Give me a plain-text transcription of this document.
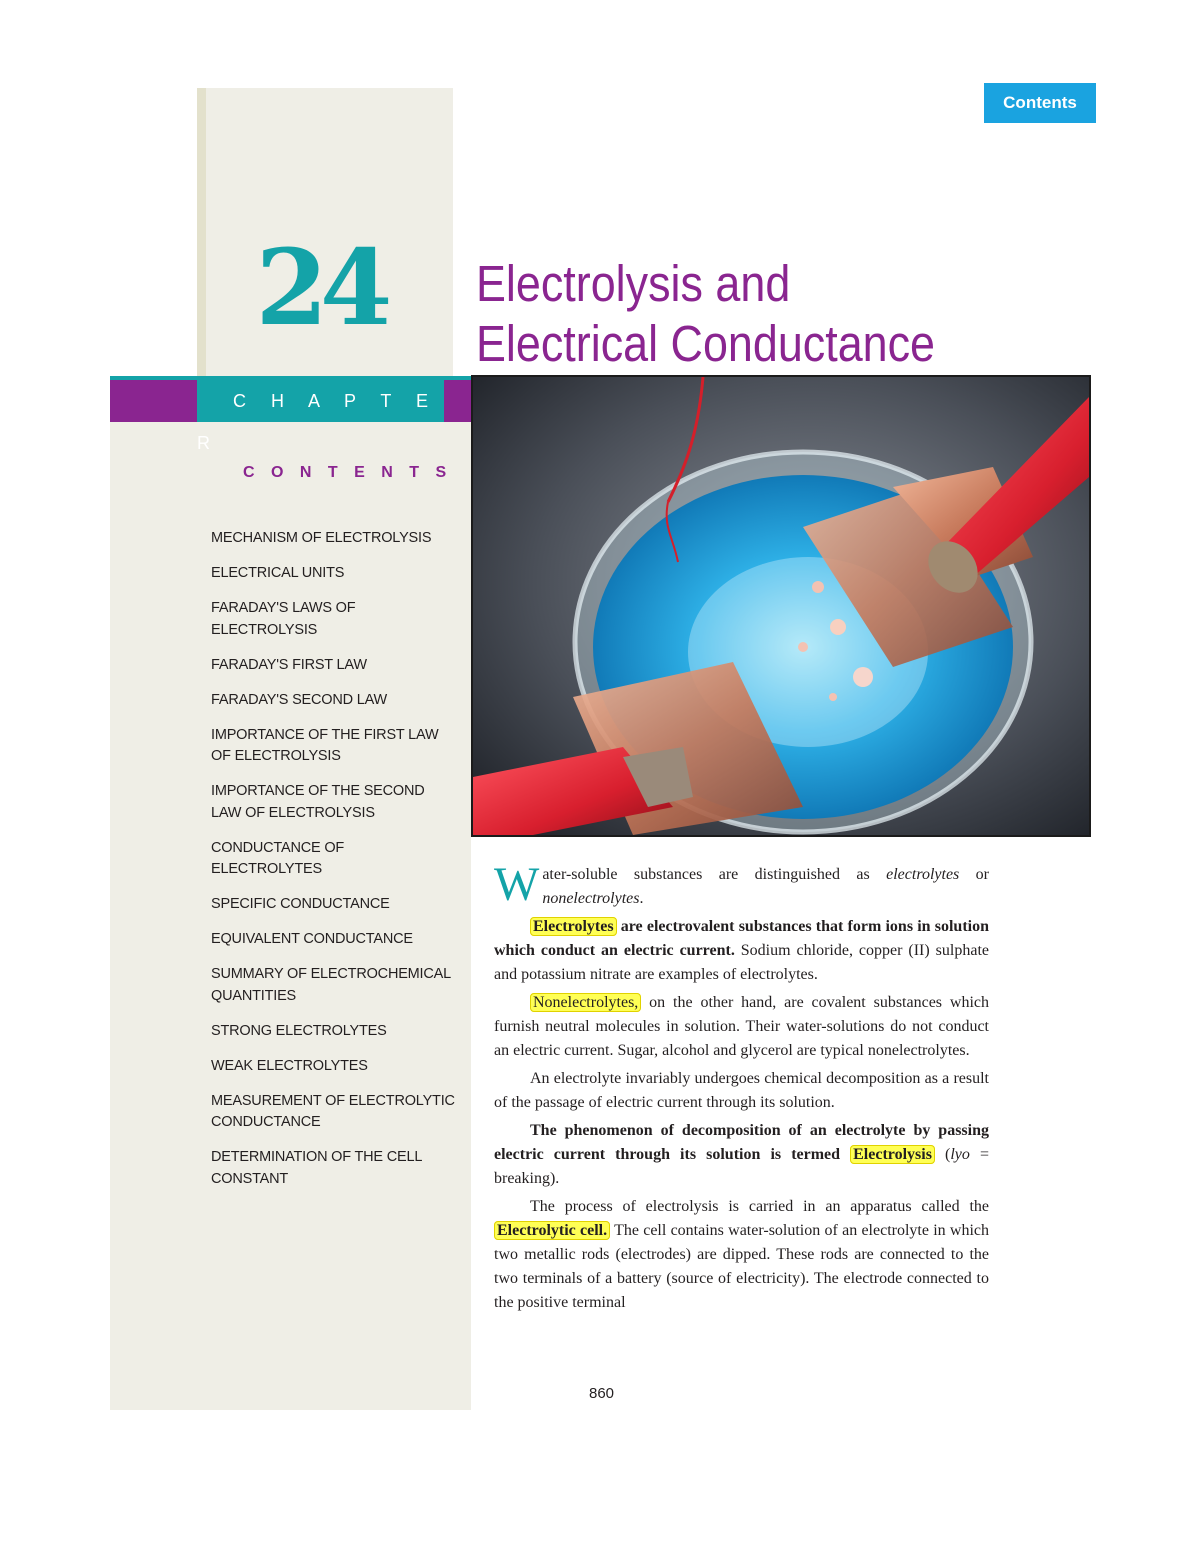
Contents
24	Electrolysis and
Electrical Conductance
C H A P T E R
C O N T E N T S
MECHANISM OF ELECTROLYSIS
ELECTRICAL UNITS
FARADAY'S LAWS OF ELECTROLYSIS
FARADAY'S FIRST LAW
FARADAY'S SECOND LAW
IMPORTANCE OF THE FIRST LAW OF ELECTROLYSIS
IMPORTANCE OF THE SECOND LAW OF ELECTROLYSIS
CONDUCTANCE OF ELECTROLYTES
SPECIFIC CONDUCTANCE
EQUIVALENT CONDUCTANCE
SUMMARY OF ELECTROCHEMICAL QUANTITIES
STRONG ELECTROLYTES
WEAK ELECTROLYTES
MEASUREMENT OF ELECTROLYTIC CONDUCTANCE
DETERMINATION OF THE CELL CONSTANT

Water-soluble substances are distinguished as electrolytes or nonelectrolytes.

Electrolytes are electrovalent substances that form ions in solution which conduct an electric current. Sodium chloride, copper (II) sulphate and potassium nitrate are examples of electrolytes.

Nonelectrolytes, on the other hand, are covalent substances which furnish neutral molecules in solution. Their water-solutions do not conduct an electric current. Sugar, alcohol and glycerol are typical nonelectrolytes.

An electrolyte invariably undergoes chemical decomposition as a result of the passage of electric current through its solution.

The phenomenon of decomposition of an electrolyte by passing electric current through its solution is termed Electrolysis (lyo = breaking).

The process of electrolysis is carried in an apparatus called the Electrolytic cell. The cell contains water-solution of an electrolyte in which two metallic rods (electrodes) are dipped. These rods are connected to the two terminals of a battery (source of electricity). The electrode connected to the positive terminal

860
